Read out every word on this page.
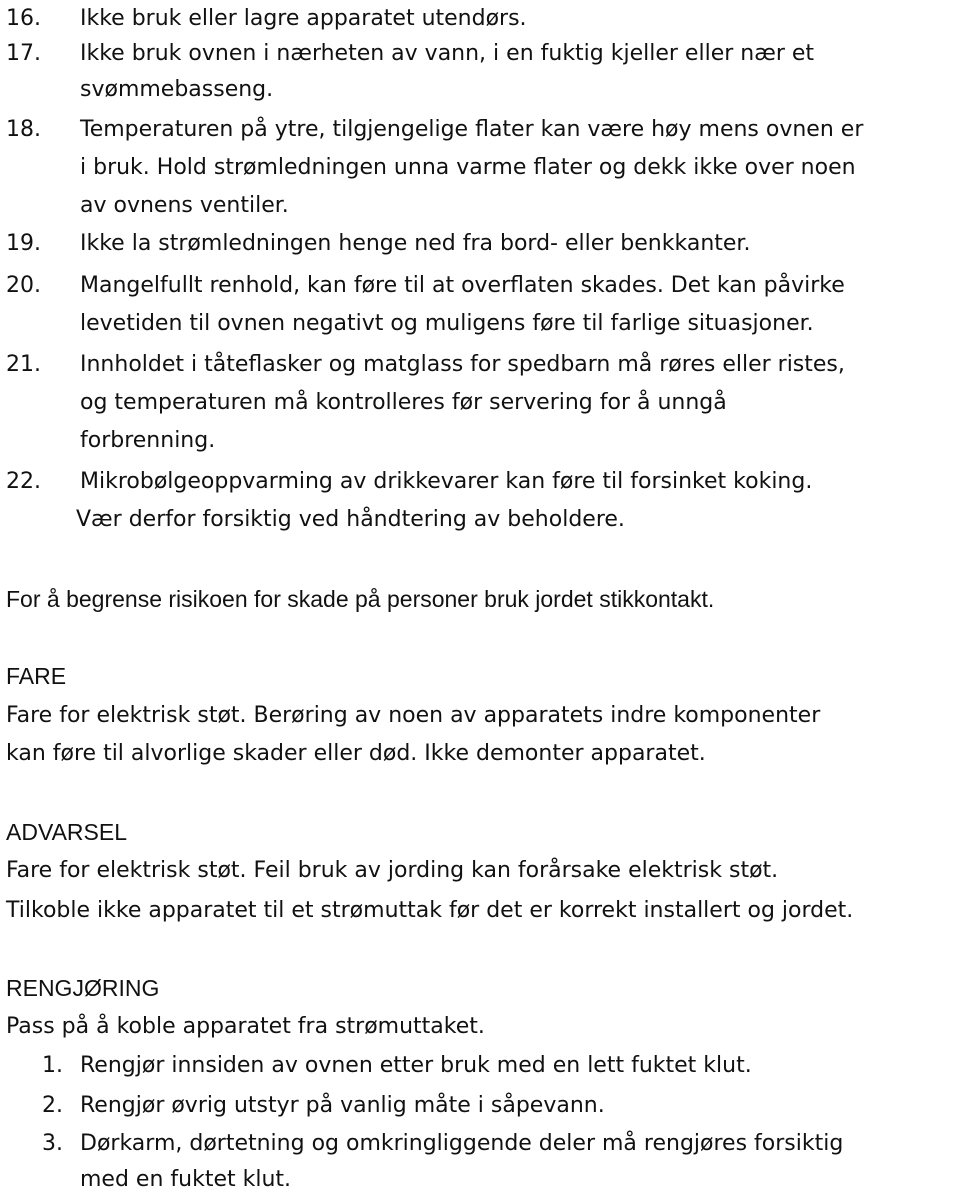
16. Ikke bruk eller lagre apparatet utendørs.
17. Ikke bruk ovnen i nærheten av vann, i en fuktig kjeller eller nær et
svømmebasseng.
18. Temperaturen på ytre, tilgjengelige flater kan være høy mens ovnen er
i bruk. Hold strømledningen unna varme flater og dekk ikke over noen
av ovnens ventiler.
19. Ikke la strømledningen henge ned fra bord- eller benkkanter.
20. Mangelfullt renhold, kan føre til at overflaten skades. Det kan påvirke
levetiden til ovnen negativt og muligens føre til farlige situasjoner.
21. Innholdet i tåteflasker og matglass for spedbarn må røres eller ristes,
og temperaturen må kontrolleres før servering for å unngå
forbrenning.
22. Mikrobølgeoppvarming av drikkevarer kan føre til forsinket koking.
Vær derfor forsiktig ved håndtering av beholdere.
For å begrense risikoen for skade på personer bruk jordet stikkontakt.
FARE
Fare for elektrisk støt. Berøring av noen av apparatets indre komponenter
kan føre til alvorlige skader eller død. Ikke demonter apparatet.
ADVARSEL
Fare for elektrisk støt. Feil bruk av jording kan forårsake elektrisk støt.
Tilkoble ikke apparatet til et strømuttak før det er korrekt installert og jordet.
RENGJØRING
Pass på å koble apparatet fra strømuttaket.
1. Rengjør innsiden av ovnen etter bruk med en lett fuktet klut.
2. Rengjør øvrig utstyr på vanlig måte i såpevann.
3. Dørkarm, dørtetning og omkringliggende deler må rengjøres forsiktig
med en fuktet klut.
